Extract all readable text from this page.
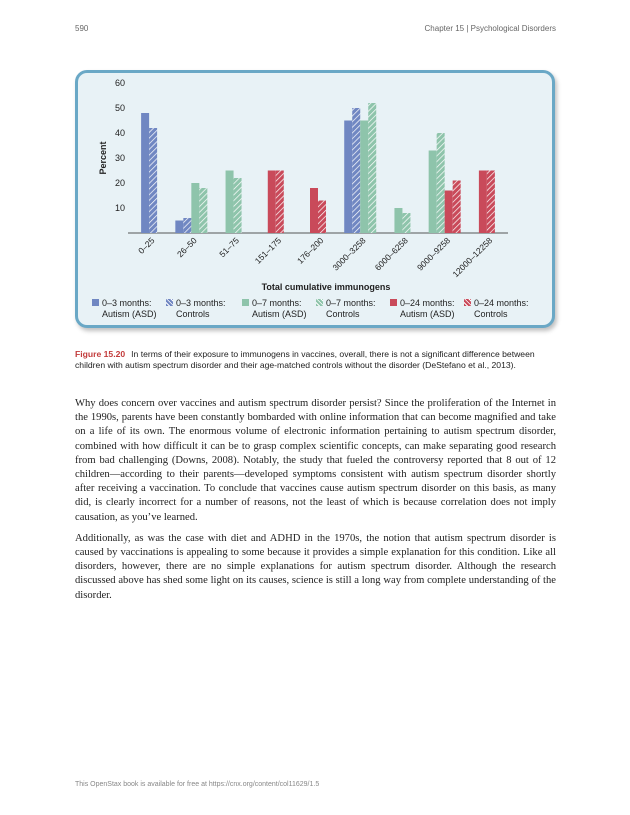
590	Chapter 15 | Psychological Disorders
10
20
30
40
50
60
Percent
0–25 26–50 51–75 151–175 176–200 3000–3258 6000–6258 9000–9258
12000–12258
Total cumulative immunogens
0–3 months:
Autism (ASD)
0–3 months:
Controls
0–7 months:
Autism (ASD)
0–7 months:
Controls
0–24 months:
Autism (ASD)
0–24 months:
Controls
Figure 15.20 In terms of their exposure to immunogens in vaccines, overall, there is not a significant difference between children with autism spectrum disorder and their age-matched controls without the disorder (DeStefano et al., 2013).

Why does concern over vaccines and autism spectrum disorder persist? Since the proliferation of the Internet in the 1990s, parents have been constantly bombarded with online information that can become magnified and take on a life of its own. The enormous volume of electronic information pertaining to autism spectrum disorder, combined with how difficult it can be to grasp complex scientific concepts, can make separating good research from bad challenging (Downs, 2008). Notably, the study that fueled the controversy reported that 8 out of 12 children—according to their parents—developed symptoms consistent with autism spectrum disorder shortly after receiving a vaccination. To conclude that vaccines cause autism spectrum disorder on this basis, as many did, is clearly incorrect for a number of reasons, not the least of which is because correlation does not imply causation, as you’ve learned.

Additionally, as was the case with diet and ADHD in the 1970s, the notion that autism spectrum disorder is caused by vaccinations is appealing to some because it provides a simple explanation for this condition. Like all disorders, however, there are no simple explanations for autism spectrum disorder. Although the research discussed above has shed some light on its causes, science is still a long way from complete understanding of the disorder.

This OpenStax book is available for free at https://cnx.org/content/col11629/1.5
